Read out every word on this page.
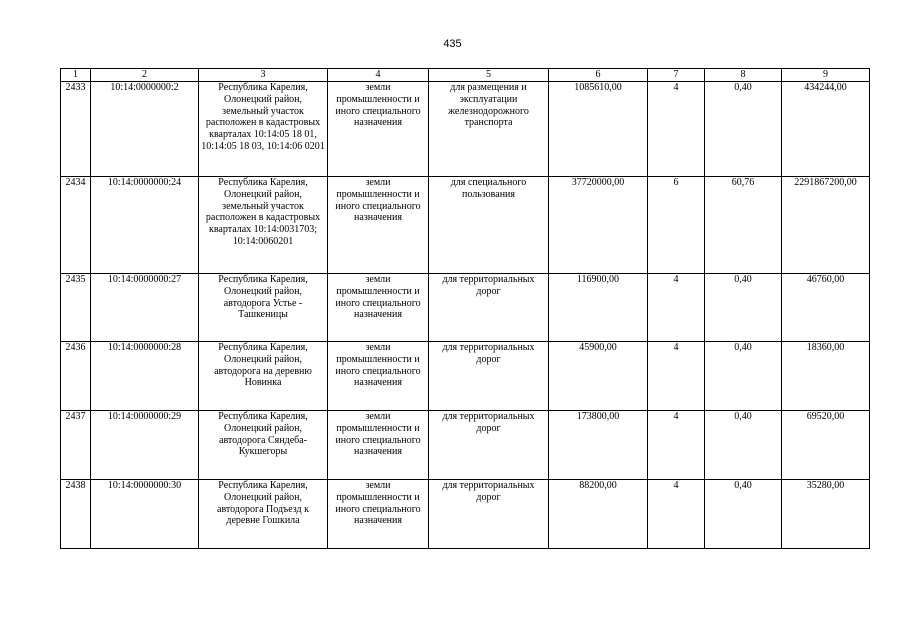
435
1	2	3	4	5	6	7	8	9
2433	10:14:0000000:2	Республика Карелия, Олонецкий район, земельный участок расположен в кадастровых кварталах 10:14:05 18 01, 10:14:05 18 03, 10:14:06 0201	земли промышленности и иного специального назначения	для размещения и эксплуатации железнодорожного транспорта	1085610,00	4	0,40	434244,00
2434	10:14:0000000:24	Республика Карелия, Олонецкий район, земельный участок расположен в кадастровых кварталах 10:14:0031703; 10:14:0060201	земли промышленности и иного специального назначения	для специального пользования	37720000,00	6	60,76	2291867200,00
2435	10:14:0000000:27	Республика Карелия, Олонецкий район, автодорога Устье - Ташкеницы	земли промышленности и иного специального назначения	для территориальных дорог	116900,00	4	0,40	46760,00
2436	10:14:0000000:28	Республика Карелия, Олонецкий район, автодорога на деревню Новинка	земли промышленности и иного специального назначения	для территориальных дорог	45900,00	4	0,40	18360,00
2437	10:14:0000000:29	Республика Карелия, Олонецкий район, автодорога Сяндеба-Кукшегоры	земли промышленности и иного специального назначения	для территориальных дорог	173800,00	4	0,40	69520,00
2438	10:14:0000000:30	Республика Карелия, Олонецкий район, автодорога Подъезд к деревне Гошкила	земли промышленности и иного специального назначения	для территориальных дорог	88200,00	4	0,40	35280,00
